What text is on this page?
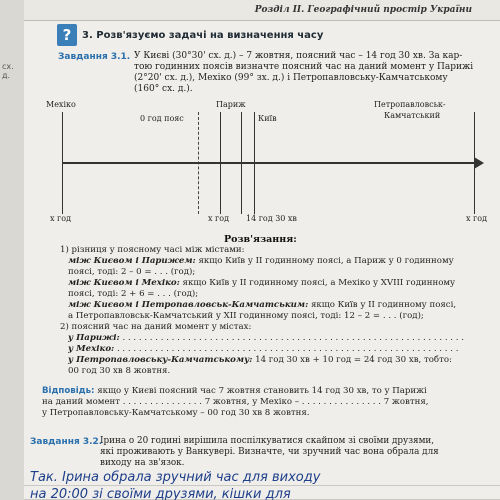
сх. д.
Розділ ІІ. Географічний простір України
?	3. Розв'язуємо задачі на визначення часу
Завдання 3.1. У Києві (30°30' сх. д.) – 7 жовтня, поясний час – 14 год 30 хв. За кар-
тою годинних поясів визначте поясний час на даний момент у Парижі
(2°20' сх. д.), Мехіко (99° зх. д.) і Петропавловську-Камчатському
(160° сх. д.).
Мехіко
0 год пояс
Париж
Київ
Петропавловськ-
Камчатський
x год	x год 14 год 30 хв	x год
Розв'язання:
1) різниця у поясному часі між містами:
між Києвом і Парижем: якщо Київ у ІІ годинному поясі, а Париж у 0 годинному
поясі, тоді: 2 – 0 = . . . (год);
між Києвом і Мехіко: якщо Київ у ІІ годинному поясі, а Мехіко у XVIII годинному
поясі, тоді: 2 + 6 = . . . (год);
між Києвом і Петропавловськ-Камчатським: якщо Київ у ІІ годинному поясі,
а Петропавловськ-Камчатський у XII годинному поясі, тоді: 12 – 2 = . . . (год);
2) поясний час на даний момент у містах:
у Парижі: . . . . . . . . . . . . . . . . . . . . . . . . . . . . . . . . . . . . . . . . . . . . . . . . . . . . . . . . . . . . . . .
у Мехіко: . . . . . . . . . . . . . . . . . . . . . . . . . . . . . . . . . . . . . . . . . . . . . . . . . . . . . . . . . . . . . . .
у Петропавловську-Камчатському: 14 год 30 хв + 10 год = 24 год 30 хв, тобто:
00 год 30 хв 8 жовтня.
Відповідь: якщо у Києві поясний час 7 жовтня становить 14 год 30 хв, то у Парижі
на даний момент . . . . . . . . . . . . . . . 7 жовтня, у Мехіко – . . . . . . . . . . . . . . . 7 жовтня,
у Петропавловську-Камчатському – 00 год 30 хв 8 жовтня.
Завдання 3.2.
Ірина о 20 годині вирішила поспілкуватися скайпом зі своїми друзями,
які проживають у Ванкувері. Визначте, чи зручний час вона обрала для
виходу на зв'язок.
Так. Ірина обрала зручний час для виходу
на 20:00 зі своїми друзями, кішки для
